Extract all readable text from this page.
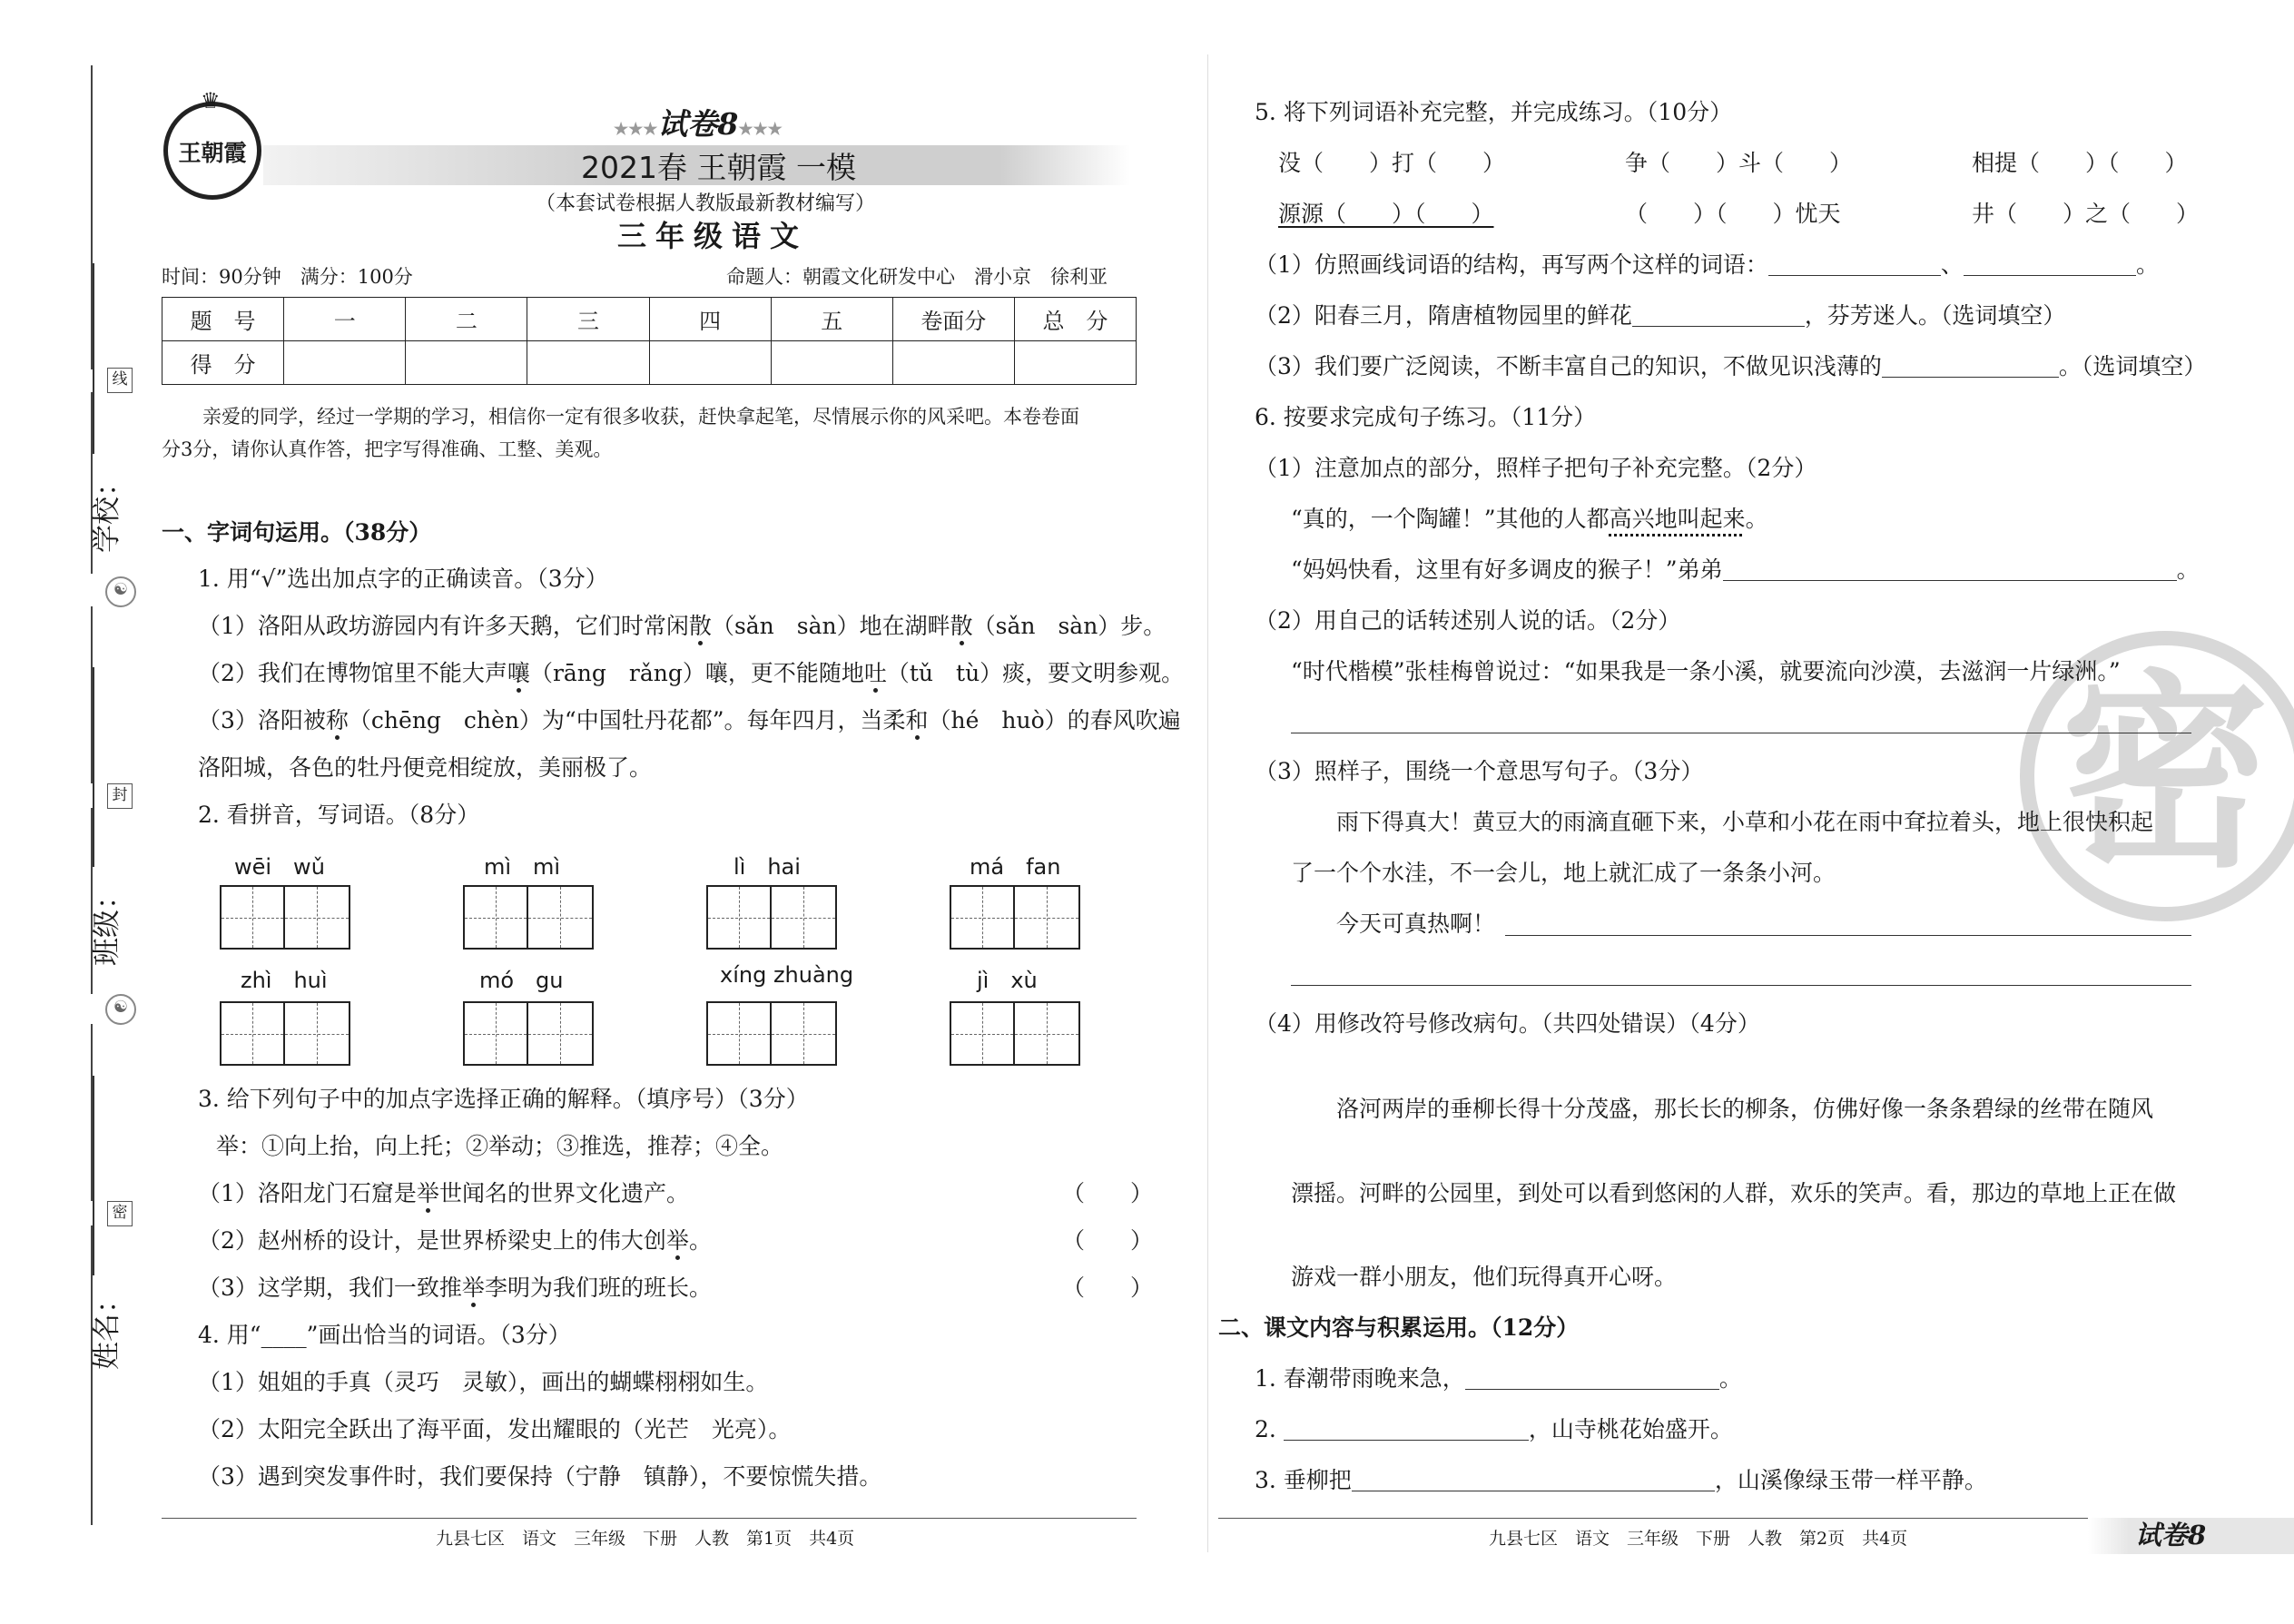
线
☯
封
☯
密
学校：
班级：
姓名：
♛
王朝霞
★★★试卷8★★★
2021春 王朝霞 一模
（本套试卷根据人教版最新教材编写）
三年级语文
时间：90分钟　满分：100分	命题人：朝霞文化研发中心　滑小京　徐利亚
题　号	一	二	三	四	五	卷面分	总　分
得　分							
亲爱的同学，经过一学期的学习，相信你一定有很多收获，赶快拿起笔，尽情展示你的风采吧。本卷卷面
分3分，请你认真作答，把字写得准确、工整、美观。
一、字词句运用。（38分）
1. 用“√”选出加点字的正确读音。（3分）
（1）洛阳从政坊游园内有许多天鹅，它们时常闲散（sǎn　sàn）地在湖畔散（sǎn　sàn）步。
（2）我们在博物馆里不能大声嚷（rāng　rǎng）嚷，更不能随地吐（tǔ　tù）痰，要文明参观。
（3）洛阳被称（chēng　chèn）为“中国牡丹花都”。每年四月，当柔和（hé　huò）的春风吹遍
洛阳城，各色的牡丹便竞相绽放，美丽极了。
2. 看拼音，写词语。（8分）
wēi　wǔ	mì　mì	lì　hai	má　fan
zhì　huì	mó　gu	xíng zhuàng	jì　xù
3. 给下列句子中的加点字选择正确的解释。（填序号）（3分）
举：①向上抬，向上托；②举动；③推选，推荐；④全。
（1）洛阳龙门石窟是举世闻名的世界文化遗产。	（　　）
（2）赵州桥的设计，是世界桥梁史上的伟大创举。	（　　）
（3）这学期，我们一致推举李明为我们班的班长。	（　　）
4. 用“____”画出恰当的词语。（3分）
（1）姐姐的手真（灵巧　灵敏），画出的蝴蝶栩栩如生。
（2）太阳完全跃出了海平面，发出耀眼的（光芒　光亮）。
（3）遇到突发事件时，我们要保持（宁静　镇静），不要惊慌失措。
九县七区　语文　三年级　下册　人教　第1页　共4页
密
5. 将下列词语补充完整，并完成练习。（10分）
没（　　）打（　　）	争（　　）斗（　　）	相提（　　）（　　）
源源（　　）（　　）	（　　）（　　）忧天	井（　　）之（　　）
（1）仿照画线词语的结构，再写两个这样的词语：	、	。
（2）阳春三月，隋唐植物园里的鲜花	，芬芳迷人。（选词填空）
（3）我们要广泛阅读，不断丰富自己的知识，不做见识浅薄的	。（选词填空）
6. 按要求完成句子练习。（11分）
（1）注意加点的部分，照样子把句子补充完整。（2分）
“真的，一个陶罐！”其他的人都高兴地叫起来。
“妈妈快看，这里有好多调皮的猴子！”弟弟	。
（2）用自己的话转述别人说的话。（2分）
“时代楷模”张桂梅曾说过：“如果我是一条小溪，就要流向沙漠，去滋润一片绿洲。”
（3）照样子，围绕一个意思写句子。（3分）
雨下得真大！黄豆大的雨滴直砸下来，小草和小花在雨中耷拉着头，地上很快积起
了一个个水洼，不一会儿，地上就汇成了一条条小河。
今天可真热啊！
（4）用修改符号修改病句。（共四处错误）（4分）
洛河两岸的垂柳长得十分茂盛，那长长的柳条，仿佛好像一条条碧绿的丝带在随风
漂摇。河畔的公园里，到处可以看到悠闲的人群，欢乐的笑声。看，那边的草地上正在做
游戏一群小朋友，他们玩得真开心呀。
二、课文内容与积累运用。（12分）
1. 春潮带雨晚来急，	。
2.	，山寺桃花始盛开。
3. 垂柳把	，山溪像绿玉带一样平静。
九县七区　语文　三年级　下册　人教　第2页　共4页	试卷8
